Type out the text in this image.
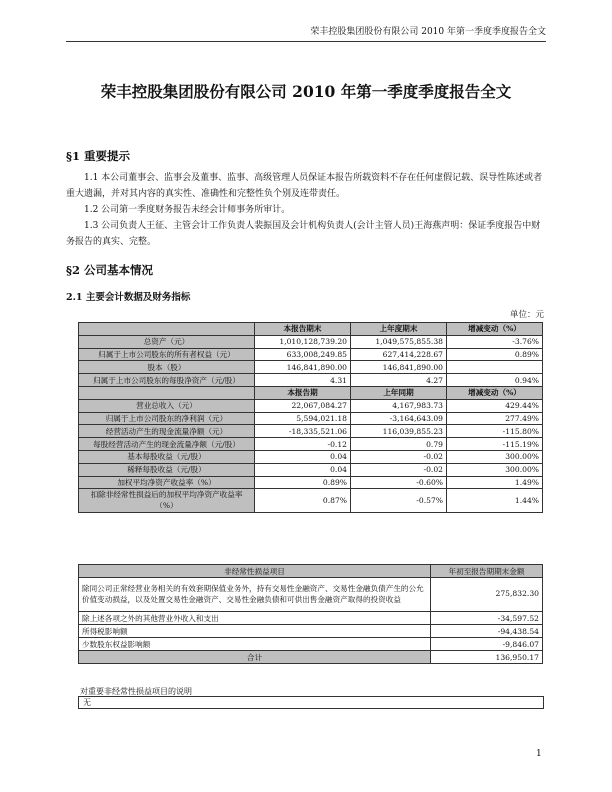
荣丰控股集团股份有限公司 2010 年第一季度季度报告全文
荣丰控股集团股份有限公司 2010 年第一季度季度报告全文
§1 重要提示

1.1 本公司董事会、监事会及董事、监事、高级管理人员保证本报告所载资料不存在任何虚假记载、误导性陈述或者重大遗漏，并对其内容的真实性、准确性和完整性负个别及连带责任。

1.2 公司第一季度财务报告未经会计师事务所审计。

1.3 公司负责人王征、主管会计工作负责人裴振国及会计机构负责人(会计主管人员)王海燕声明：保证季度报告中财务报告的真实、完整。

§2 公司基本情况
2.1 主要会计数据及财务指标
单位：元
	本报告期末	上年度期末	增减变动（%）
总资产（元）	1,010,128,739.20	1,049,575,855.38	-3.76%
归属于上市公司股东的所有者权益（元）	633,008,249.85	627,414,228.67	0.89%
股本（股）	146,841,890.00	146,841,890.00	
归属于上市公司股东的每股净资产（元/股）	4.31	4.27	0.94%
	本报告期	上年同期	增减变动（%）
营业总收入（元）	22,067,084.27	4,167,983.73	429.44%
归属于上市公司股东的净利润（元）	5,594,021.18	-3,164,643.09	277.49%
经营活动产生的现金流量净额（元）	-18,335,521.06	116,039,855.23	-115.80%
每股经营活动产生的现金流量净额（元/股）	-0.12	0.79	-115.19%
基本每股收益（元/股）	0.04	-0.02	300.00%
稀释每股收益（元/股）	0.04	-0.02	300.00%
加权平均净资产收益率（%）	0.89%	-0.60%	1.49%
扣除非经常性损益后的加权平均净资产收益率（%）	0.87%	-0.57%	1.44%
非经常性损益项目	年初至报告期期末金额
除同公司正常经营业务相关的有效套期保值业务外，持有交易性金融资产、交易性金融负债产生的公允价值变动损益，以及处置交易性金融资产、交易性金融负债和可供出售金融资产取得的投资收益	275,832.30
除上述各项之外的其他营业外收入和支出	-34,597.52
所得税影响额	-94,438.54
少数股东权益影响额	-9,846.07
合计	136,950.17
对重要非经常性损益项目的说明
无
1
